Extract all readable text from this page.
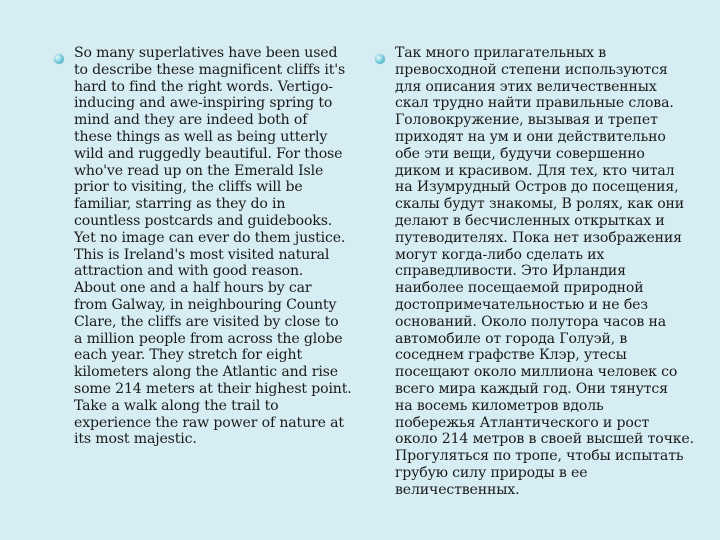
So many superlatives have been used
to describe these magnificent cliffs it's
hard to find the right words. Vertigo-
inducing and awe-inspiring spring to
mind and they are indeed both of
these things as well as being utterly
wild and ruggedly beautiful. For those
who've read up on the Emerald Isle
prior to visiting, the cliffs will be
familiar, starring as they do in
countless postcards and guidebooks.
Yet no image can ever do them justice.
This is Ireland's most visited natural
attraction and with good reason.
About one and a half hours by car
from Galway, in neighbouring County
Clare, the cliffs are visited by close to
a million people from across the globe
each year. They stretch for eight
kilometers along the Atlantic and rise
some 214 meters at their highest point.
Take a walk along the trail to
experience the raw power of nature at
its most majestic.
Так много прилагательных в
превосходной степени используются
для описания этих величественных
скал трудно найти правильные слова.
Головокружение, вызывая и трепет
приходят на ум и они действительно
обе эти вещи, будучи совершенно
диком и красивом. Для тех, кто читал
на Изумрудный Остров до посещения,
скалы будут знакомы, В ролях, как они
делают в бесчисленных открытках и
путеводителях. Пока нет изображения
могут когда-либо сделать их
справедливости. Это Ирландия
наиболее посещаемой природной
достопримечательностью и не без
оснований. Около полутора часов на
автомобиле от города Голуэй, в
соседнем графстве Клэр, утесы
посещают около миллиона человек со
всего мира каждый год. Они тянутся
на восемь километров вдоль
побережья Атлантического и рост
около 214 метров в своей высшей точке.
Прогуляться по тропе, чтобы испытать
грубую силу природы в ее
величественных.
